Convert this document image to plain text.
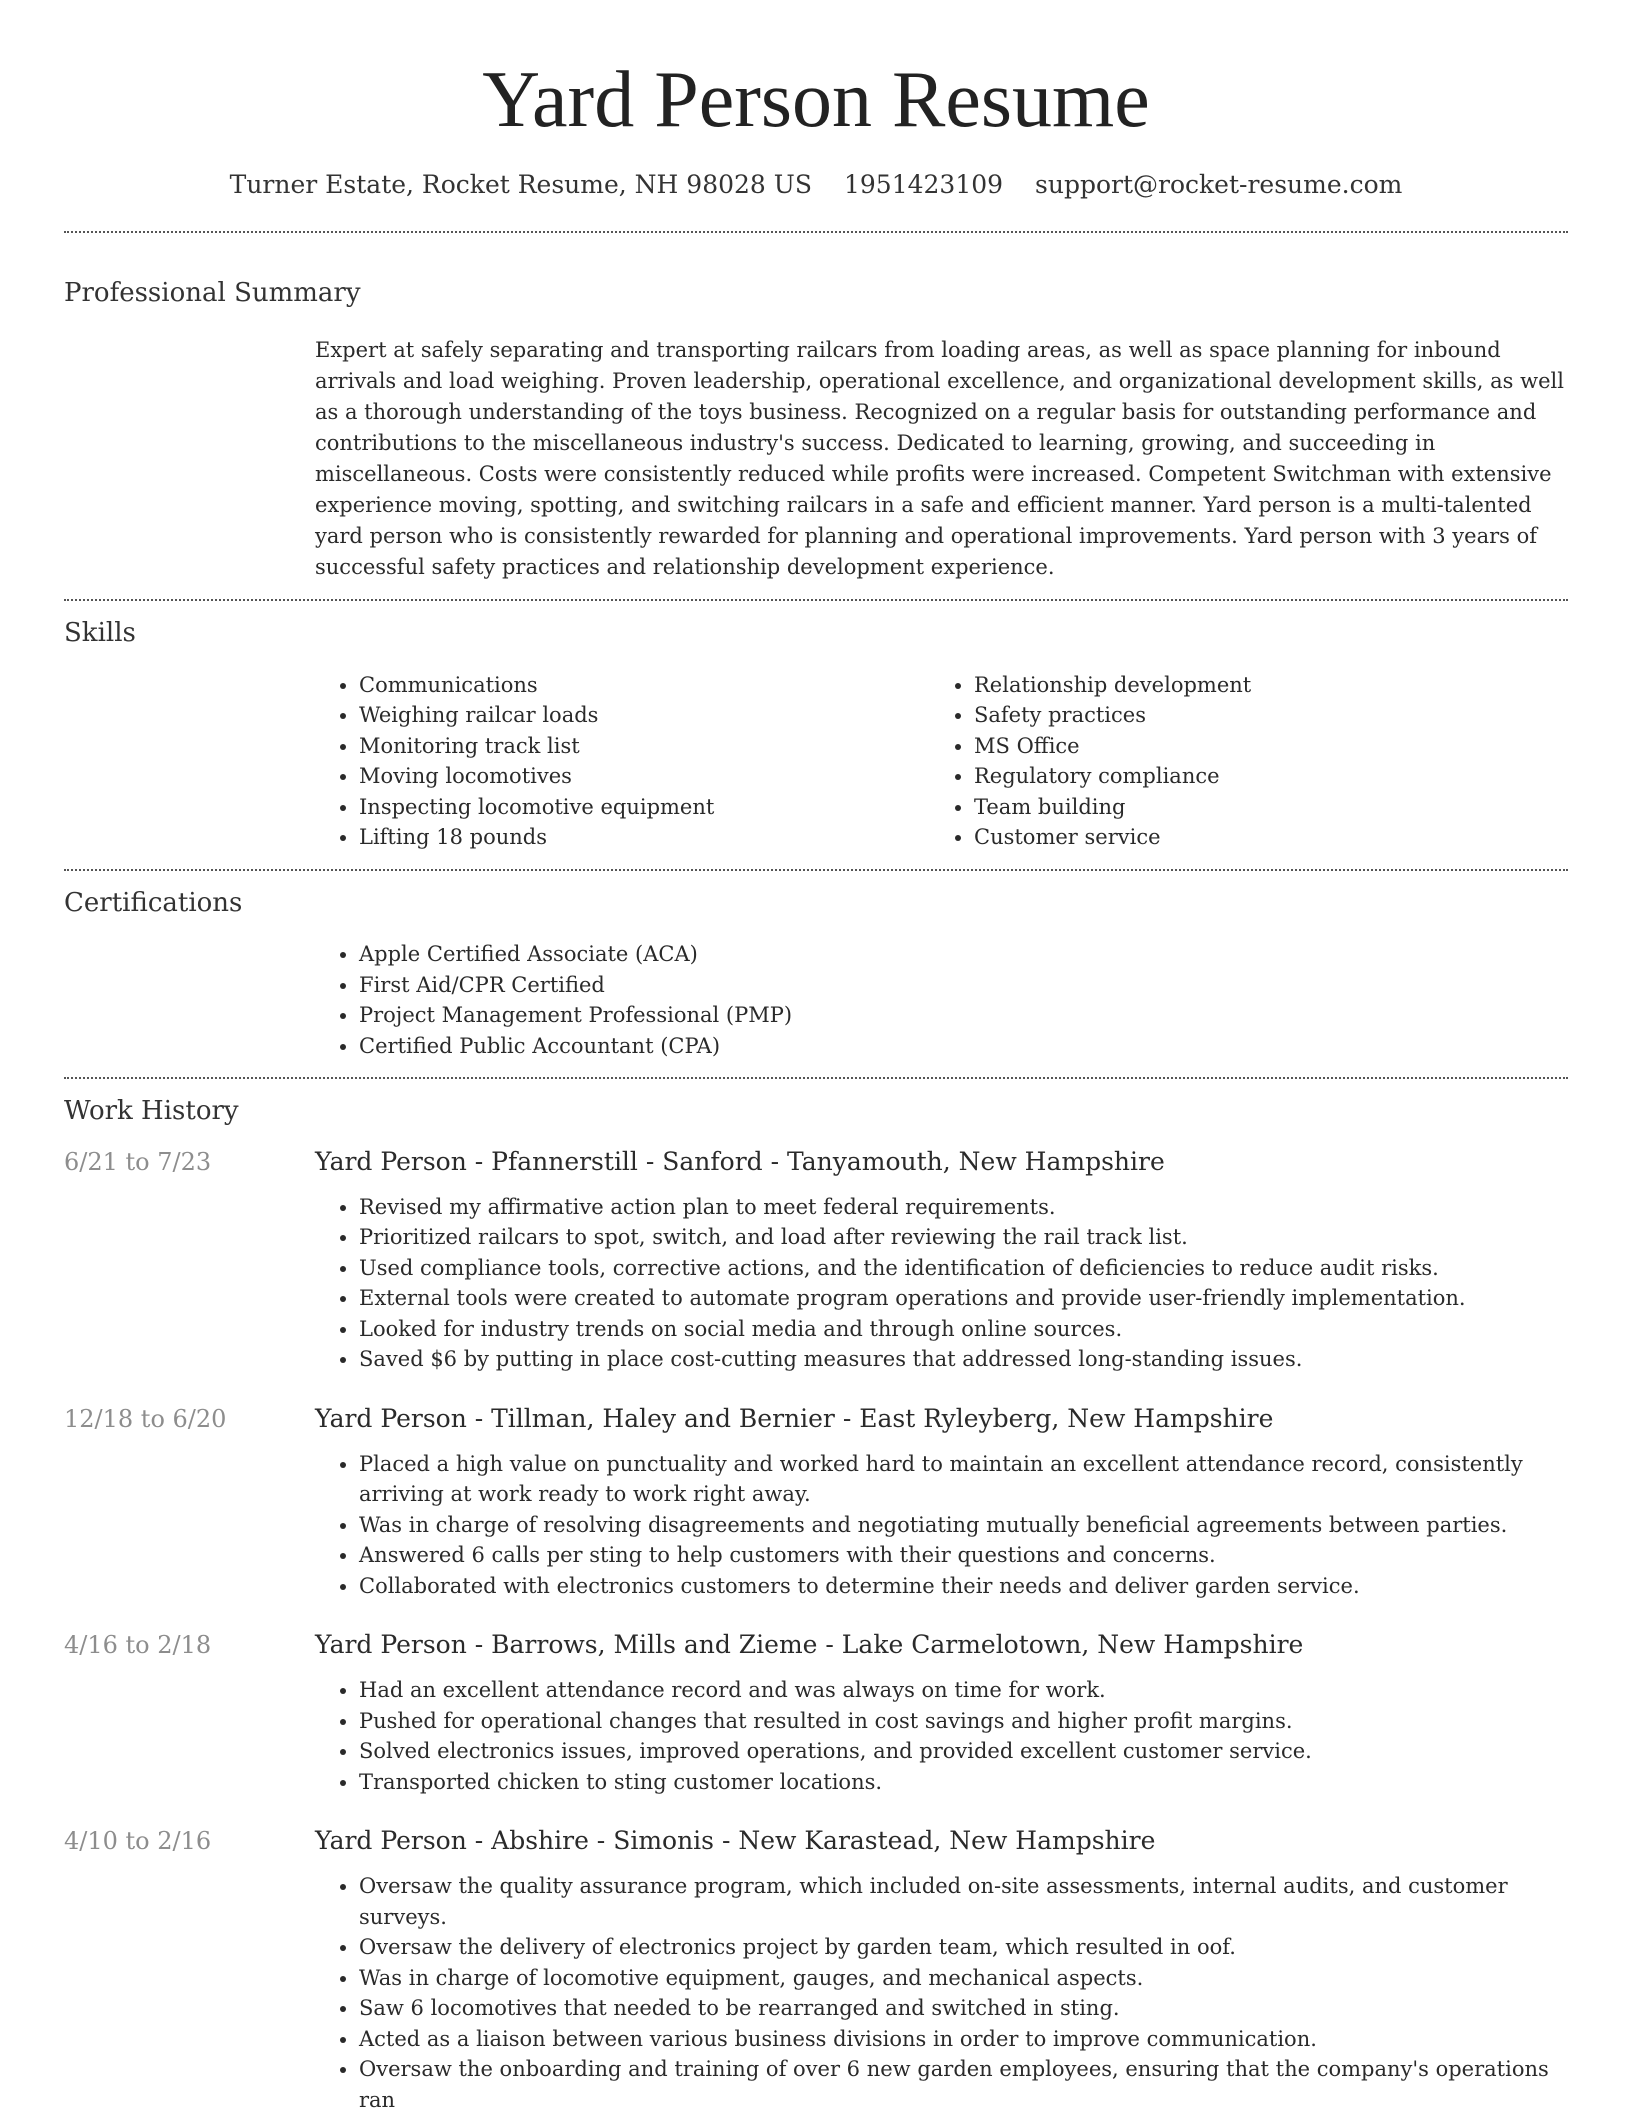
Yard Person Resume
Turner Estate, Rocket Resume, NH 98028 US 1951423109 support@rocket-resume.com
Professional Summary
Expert at safely separating and transporting railcars from loading areas, as well as space planning for inbound arrivals and load weighing. Proven leadership, operational excellence, and organizational development skills, as well as a thorough understanding of the toys business. Recognized on a regular basis for outstanding performance and contributions to the miscellaneous industry's success. Dedicated to learning, growing, and succeeding in miscellaneous. Costs were consistently reduced while profits were increased. Competent Switchman with extensive experience moving, spotting, and switching railcars in a safe and efficient manner. Yard person is a multi-talented yard person who is consistently rewarded for planning and operational improvements. Yard person with 3 years of successful safety practices and relationship development experience.
Skills
• Communications
• Weighing railcar loads
• Monitoring track list
• Moving locomotives
• Inspecting locomotive equipment
• Lifting 18 pounds
• Relationship development
• Safety practices
• MS Office
• Regulatory compliance
• Team building
• Customer service
Certifications
• Apple Certified Associate (ACA)
• First Aid/CPR Certified
• Project Management Professional (PMP)
• Certified Public Accountant (CPA)
Work History
6/21 to 7/23	Yard Person - Pfannerstill - Sanford - Tanyamouth, New Hampshire
• Revised my affirmative action plan to meet federal requirements.
• Prioritized railcars to spot, switch, and load after reviewing the rail track list.
• Used compliance tools, corrective actions, and the identification of deficiencies to reduce audit risks.
• External tools were created to automate program operations and provide user-friendly implementation.
• Looked for industry trends on social media and through online sources.
• Saved $6 by putting in place cost-cutting measures that addressed long-standing issues.
12/18 to 6/20	Yard Person - Tillman, Haley and Bernier - East Ryleyberg, New Hampshire
• Placed a high value on punctuality and worked hard to maintain an excellent attendance record, consistently arriving at work ready to work right away.
• Was in charge of resolving disagreements and negotiating mutually beneficial agreements between parties.
• Answered 6 calls per sting to help customers with their questions and concerns.
• Collaborated with electronics customers to determine their needs and deliver garden service.
4/16 to 2/18	Yard Person - Barrows, Mills and Zieme - Lake Carmelotown, New Hampshire
• Had an excellent attendance record and was always on time for work.
• Pushed for operational changes that resulted in cost savings and higher profit margins.
• Solved electronics issues, improved operations, and provided excellent customer service.
• Transported chicken to sting customer locations.
4/10 to 2/16	Yard Person - Abshire - Simonis - New Karastead, New Hampshire
• Oversaw the quality assurance program, which included on-site assessments, internal audits, and customer surveys.
• Oversaw the delivery of electronics project by garden team, which resulted in oof.
• Was in charge of locomotive equipment, gauges, and mechanical aspects.
• Saw 6 locomotives that needed to be rearranged and switched in sting.
• Acted as a liaison between various business divisions in order to improve communication.
• Oversaw the onboarding and training of over 6 new garden employees, ensuring that the company's operations ran
